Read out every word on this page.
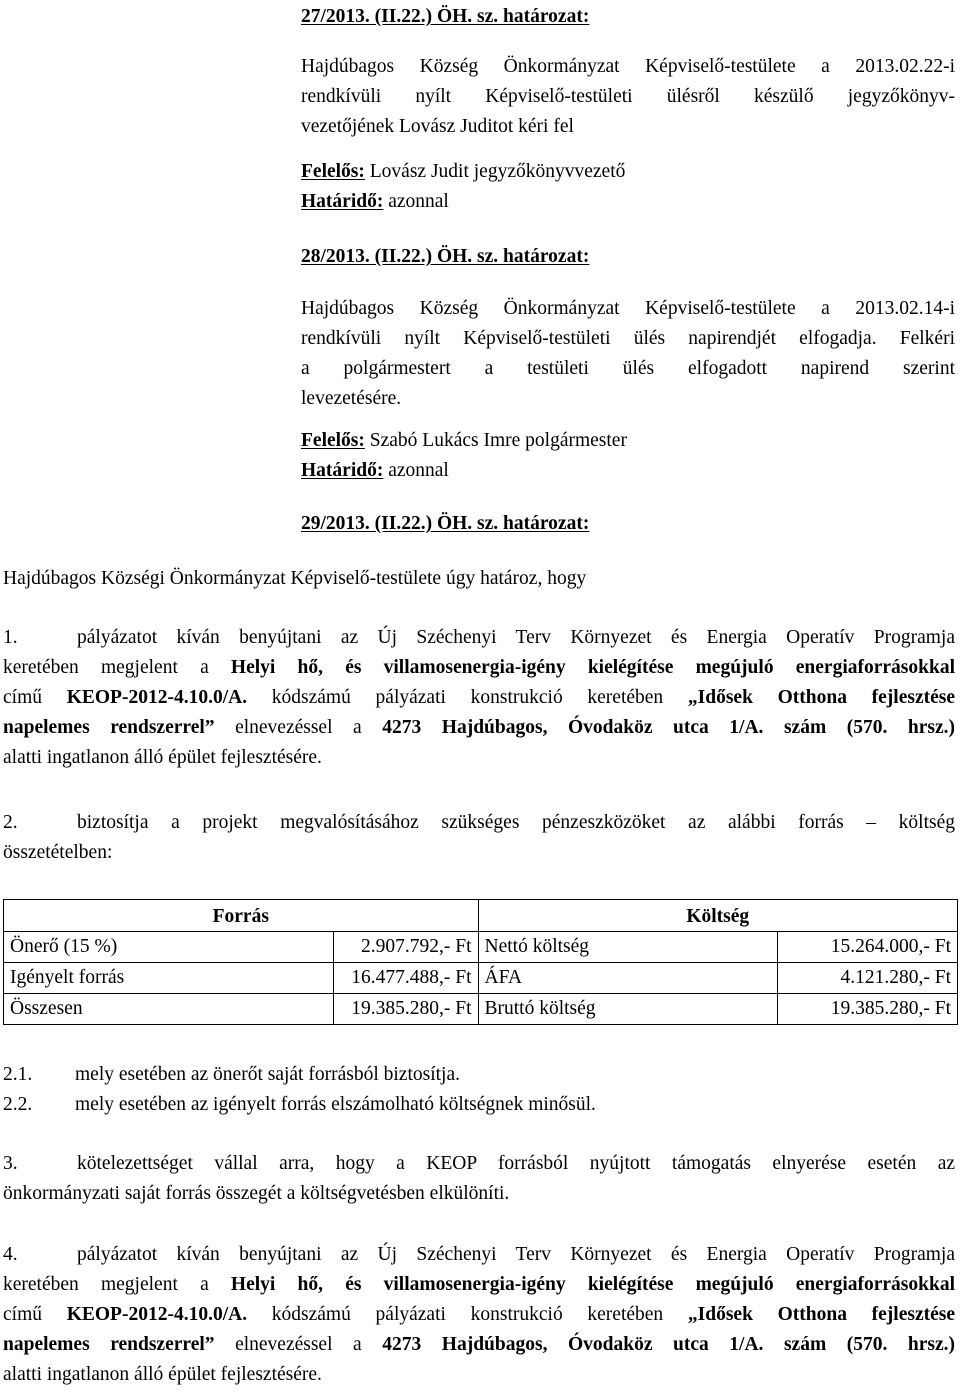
27/2013. (II.22.) ÖH. sz. határozat:
Hajdúbagos Község Önkormányzat Képviselő-testülete a 2013.02.22-i
rendkívüli nyílt Képviselő-testületi ülésről készülő jegyzőkönyv-
vezetőjének Lovász Juditot kéri fel
Felelős: Lovász Judit jegyzőkönyvvezető
Határidő: azonnal
28/2013. (II.22.) ÖH. sz. határozat:
Hajdúbagos Község Önkormányzat Képviselő-testülete a 2013.02.14-i
rendkívüli nyílt Képviselő-testületi ülés napirendjét elfogadja. Felkéri
a polgármestert a testületi ülés elfogadott napirend szerint
levezetésére.
Felelős: Szabó Lukács Imre polgármester
Határidő: azonnal
29/2013. (II.22.) ÖH. sz. határozat:
Hajdúbagos Községi Önkormányzat Képviselő-testülete úgy határoz, hogy
1.	pályázatot kíván benyújtani az Új Széchenyi Terv Környezet és Energia Operatív Programja
keretében megjelent a Helyi hő, és villamosenergia-igény kielégítése megújuló energiaforrásokkal
című KEOP-2012-4.10.0/A. kódszámú pályázati konstrukció keretében „Idősek Otthona fejlesztése
napelemes rendszerrel” elnevezéssel a 4273 Hajdúbagos, Óvodaköz utca 1/A. szám (570. hrsz.)
alatti ingatlanon álló épület fejlesztésére.
2.	biztosítja a projekt megvalósításához szükséges pénzeszközöket az alábbi forrás – költség
összetételben:
Forrás		Költség	
Önerő (15 %)	2.907.792,- Ft	Nettó költség	15.264.000,- Ft
Igényelt forrás	16.477.488,- Ft	ÁFA	4.121.280,- Ft
Összesen	19.385.280,- Ft	Bruttó költség	19.385.280,- Ft
2.1. mely esetében az önerőt saját forrásból biztosítja.
2.2. mely esetében az igényelt forrás elszámolható költségnek minősül.
3.	kötelezettséget vállal arra, hogy a KEOP forrásból nyújtott támogatás elnyerése esetén az
önkormányzati saját forrás összegét a költségvetésben elkülöníti.
4.	pályázatot kíván benyújtani az Új Széchenyi Terv Környezet és Energia Operatív Programja
keretében megjelent a Helyi hő, és villamosenergia-igény kielégítése megújuló energiaforrásokkal
című KEOP-2012-4.10.0/A. kódszámú pályázati konstrukció keretében „Idősek Otthona fejlesztése
napelemes rendszerrel” elnevezéssel a 4273 Hajdúbagos, Óvodaköz utca 1/A. szám (570. hrsz.)
alatti ingatlanon álló épület fejlesztésére.
